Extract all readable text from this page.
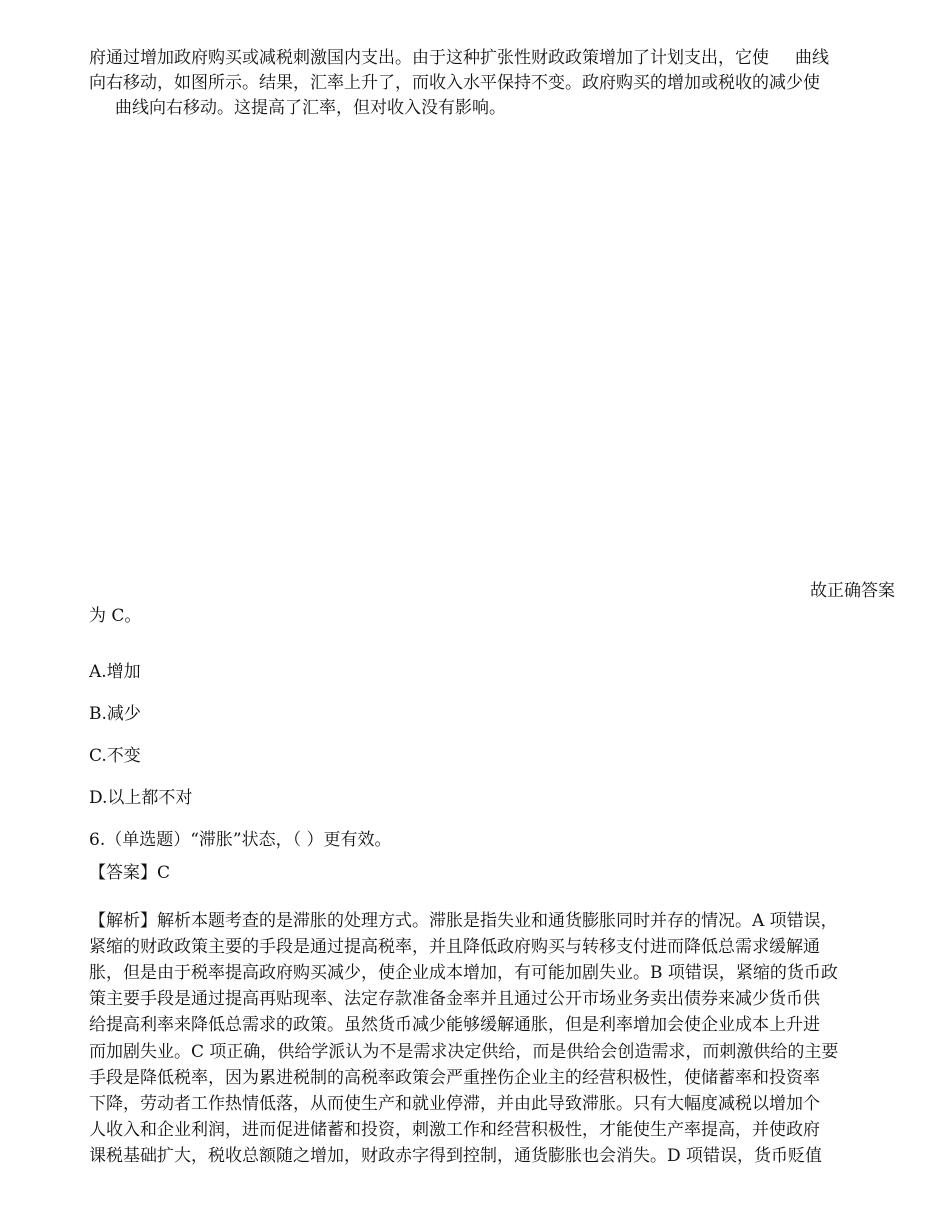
府通过增加政府购买或减税刺激国内支出。由于这种扩张性财政政策增加了计划支出，它使 曲线
向右移动，如图所示。结果，汇率上升了，而收入水平保持不变。政府购买的增加或税收的减少使
曲线向右移动。这提高了汇率，但对收入没有影响。
故正确答案
为 C。
A.增加
B.减少
C.不变
D.以上都不对
6.（单选题）“滞胀”状态，（ ）更有效。
【答案】C
【解析】解析本题考查的是滞胀的处理方式。滞胀是指失业和通货膨胀同时并存的情况。A 项错误，
紧缩的财政政策主要的手段是通过提高税率，并且降低政府购买与转移支付进而降低总需求缓解通
胀，但是由于税率提高政府购买减少，使企业成本增加，有可能加剧失业。B 项错误，紧缩的货币政
策主要手段是通过提高再贴现率、法定存款准备金率并且通过公开市场业务卖出债券来减少货币供
给提高利率来降低总需求的政策。虽然货币减少能够缓解通胀，但是利率增加会使企业成本上升进
而加剧失业。C 项正确，供给学派认为不是需求决定供给，而是供给会创造需求，而刺激供给的主要
手段是降低税率，因为累进税制的高税率政策会严重挫伤企业主的经营积极性，使储蓄率和投资率
下降，劳动者工作热情低落，从而使生产和就业停滞，并由此导致滞胀。只有大幅度减税以增加个
人收入和企业利润，进而促进储蓄和投资，刺激工作和经营积极性，才能使生产率提高，并使政府
课税基础扩大，税收总额随之增加，财政赤字得到控制，通货膨胀也会消失。D 项错误，货币贬值
